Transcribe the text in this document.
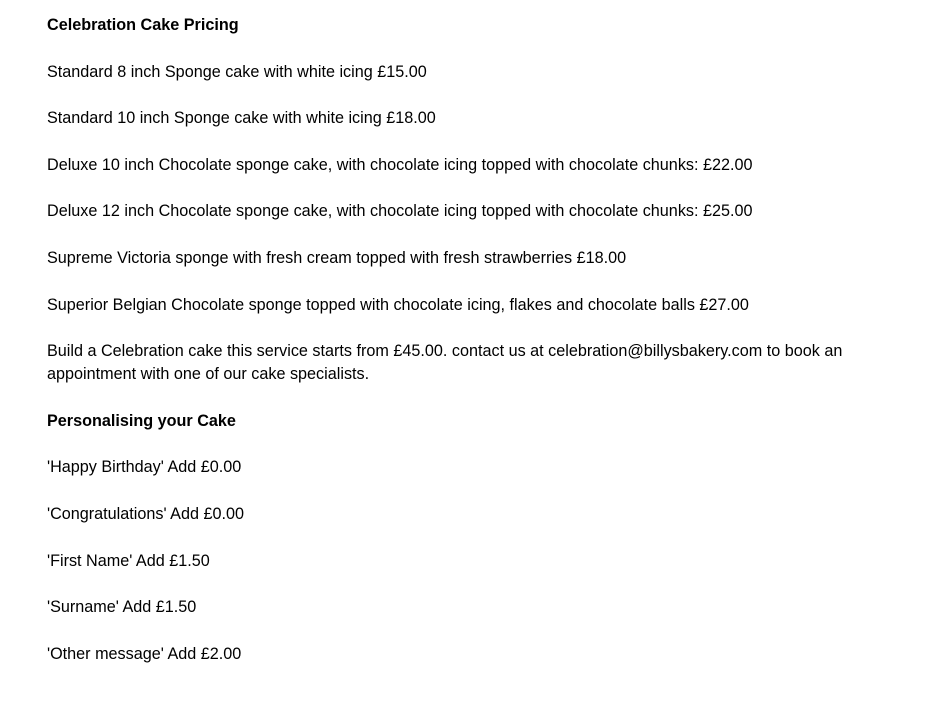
Celebration Cake Pricing

Standard 8 inch Sponge cake with white icing £15.00

Standard 10 inch Sponge cake with white icing £18.00

Deluxe 10 inch Chocolate sponge cake, with chocolate icing topped with chocolate chunks: £22.00

Deluxe 12 inch Chocolate sponge cake, with chocolate icing topped with chocolate chunks: £25.00

Supreme Victoria sponge with fresh cream topped with fresh strawberries £18.00

Superior Belgian Chocolate sponge topped with chocolate icing, flakes and chocolate balls £27.00

Build a Celebration cake this service starts from £45.00. contact us at celebration@billysbakery.com to book an appointment with one of our cake specialists.

Personalising your Cake

'Happy Birthday' Add £0.00

'Congratulations' Add £0.00

'First Name' Add £1.50

'Surname' Add £1.50

'Other message' Add £2.00
